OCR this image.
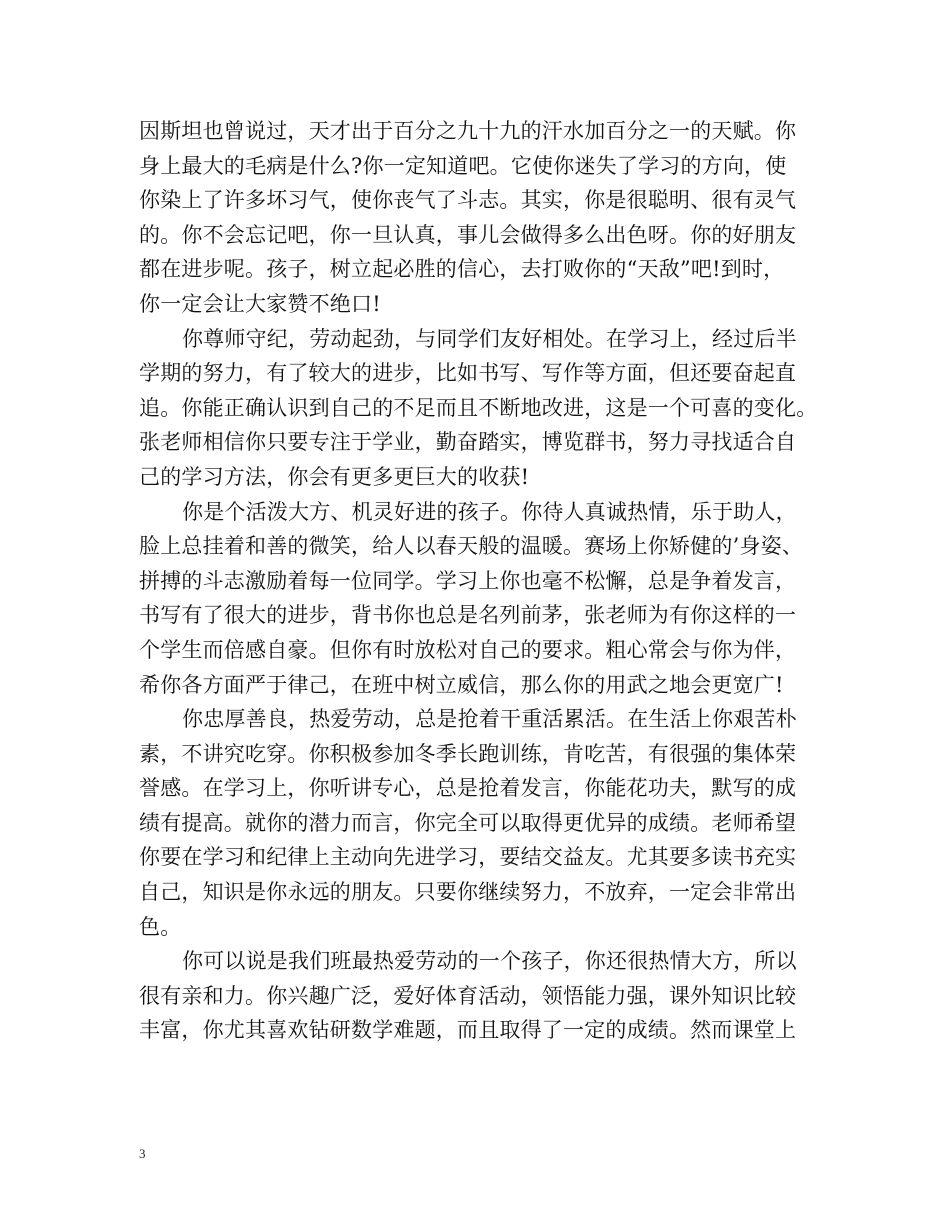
因斯坦也曾说过，天才出于百分之九十九的汗水加百分之一的天赋。你
身上最大的毛病是什么?你一定知道吧。它使你迷失了学习的方向，使
你染上了许多坏习气，使你丧气了斗志。其实，你是很聪明、很有灵气
的。你不会忘记吧，你一旦认真，事儿会做得多么出色呀。你的好朋友
都在进步呢。孩子，树立起必胜的信心，去打败你的“天敌”吧!到时，
你一定会让大家赞不绝口!

你尊师守纪，劳动起劲，与同学们友好相处。在学习上，经过后半
学期的努力，有了较大的进步，比如书写、写作等方面，但还要奋起直
追。你能正确认识到自己的不足而且不断地改进，这是一个可喜的变化。
张老师相信你只要专注于学业，勤奋踏实，博览群书，努力寻找适合自
己的学习方法，你会有更多更巨大的收获!

你是个活泼大方、机灵好进的孩子。你待人真诚热情，乐于助人，
脸上总挂着和善的微笑，给人以春天般的温暖。赛场上你矫健的’身姿、
拼搏的斗志激励着每一位同学。学习上你也毫不松懈，总是争着发言，
书写有了很大的进步，背书你也总是名列前茅，张老师为有你这样的一
个学生而倍感自豪。但你有时放松对自己的要求。粗心常会与你为伴，
希你各方面严于律己，在班中树立威信，那么你的用武之地会更宽广!

你忠厚善良，热爱劳动，总是抢着干重活累活。在生活上你艰苦朴
素，不讲究吃穿。你积极参加冬季长跑训练，肯吃苦，有很强的集体荣
誉感。在学习上，你听讲专心，总是抢着发言，你能花功夫，默写的成
绩有提高。就你的潜力而言，你完全可以取得更优异的成绩。老师希望
你要在学习和纪律上主动向先进学习，要结交益友。尤其要多读书充实
自己，知识是你永远的朋友。只要你继续努力，不放弃，一定会非常出
色。

你可以说是我们班最热爱劳动的一个孩子，你还很热情大方，所以
很有亲和力。你兴趣广泛，爱好体育活动，领悟能力强，课外知识比较
丰富，你尤其喜欢钻研数学难题，而且取得了一定的成绩。然而课堂上

3
